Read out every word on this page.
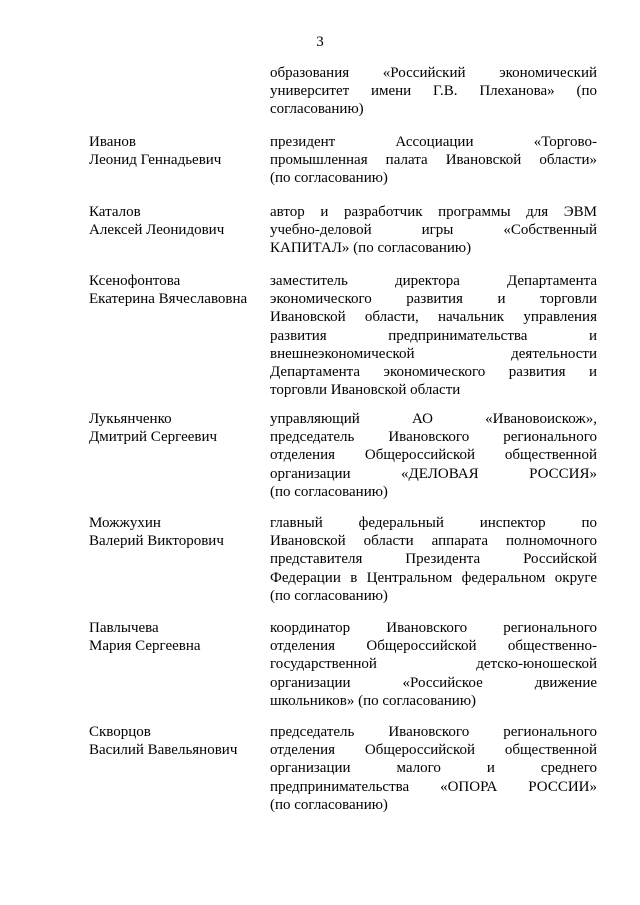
3
образования «Российский экономический
университет имени Г.В. Плеханова» (по
согласованию)
Иванов
Леонид Геннадьевич
президент Ассоциации «Торгово-
промышленная палата Ивановской области»
(по согласованию)
Каталов
Алексей Леонидович
автор и разработчик программы для ЭВМ
учебно-деловой игры «Собственный
КАПИТАЛ» (по согласованию)
Ксенофонтова
Екатерина Вячеславовна
заместитель директора Департамента
экономического развития и торговли
Ивановской области, начальник управления
развития предпринимательства и
внешнеэкономической деятельности
Департамента экономического развития и
торговли Ивановской области
Лукьянченко
Дмитрий Сергеевич
управляющий АО «Ивановоискож»,
председатель Ивановского регионального
отделения Общероссийской общественной
организации «ДЕЛОВАЯ РОССИЯ»
(по согласованию)
Можжухин
Валерий Викторович
главный федеральный инспектор по
Ивановской области аппарата полномочного
представителя Президента Российской
Федерации в Центральном федеральном округе
(по согласованию)
Павлычева
Мария Сергеевна
координатор Ивановского регионального
отделения Общероссийской общественно-
государственной детско-юношеской
организации «Российское движение
школьников» (по согласованию)
Скворцов
Василий Вавельянович
председатель Ивановского регионального
отделения Общероссийской общественной
организации малого и среднего
предпринимательства «ОПОРА РОССИИ»
(по согласованию)
